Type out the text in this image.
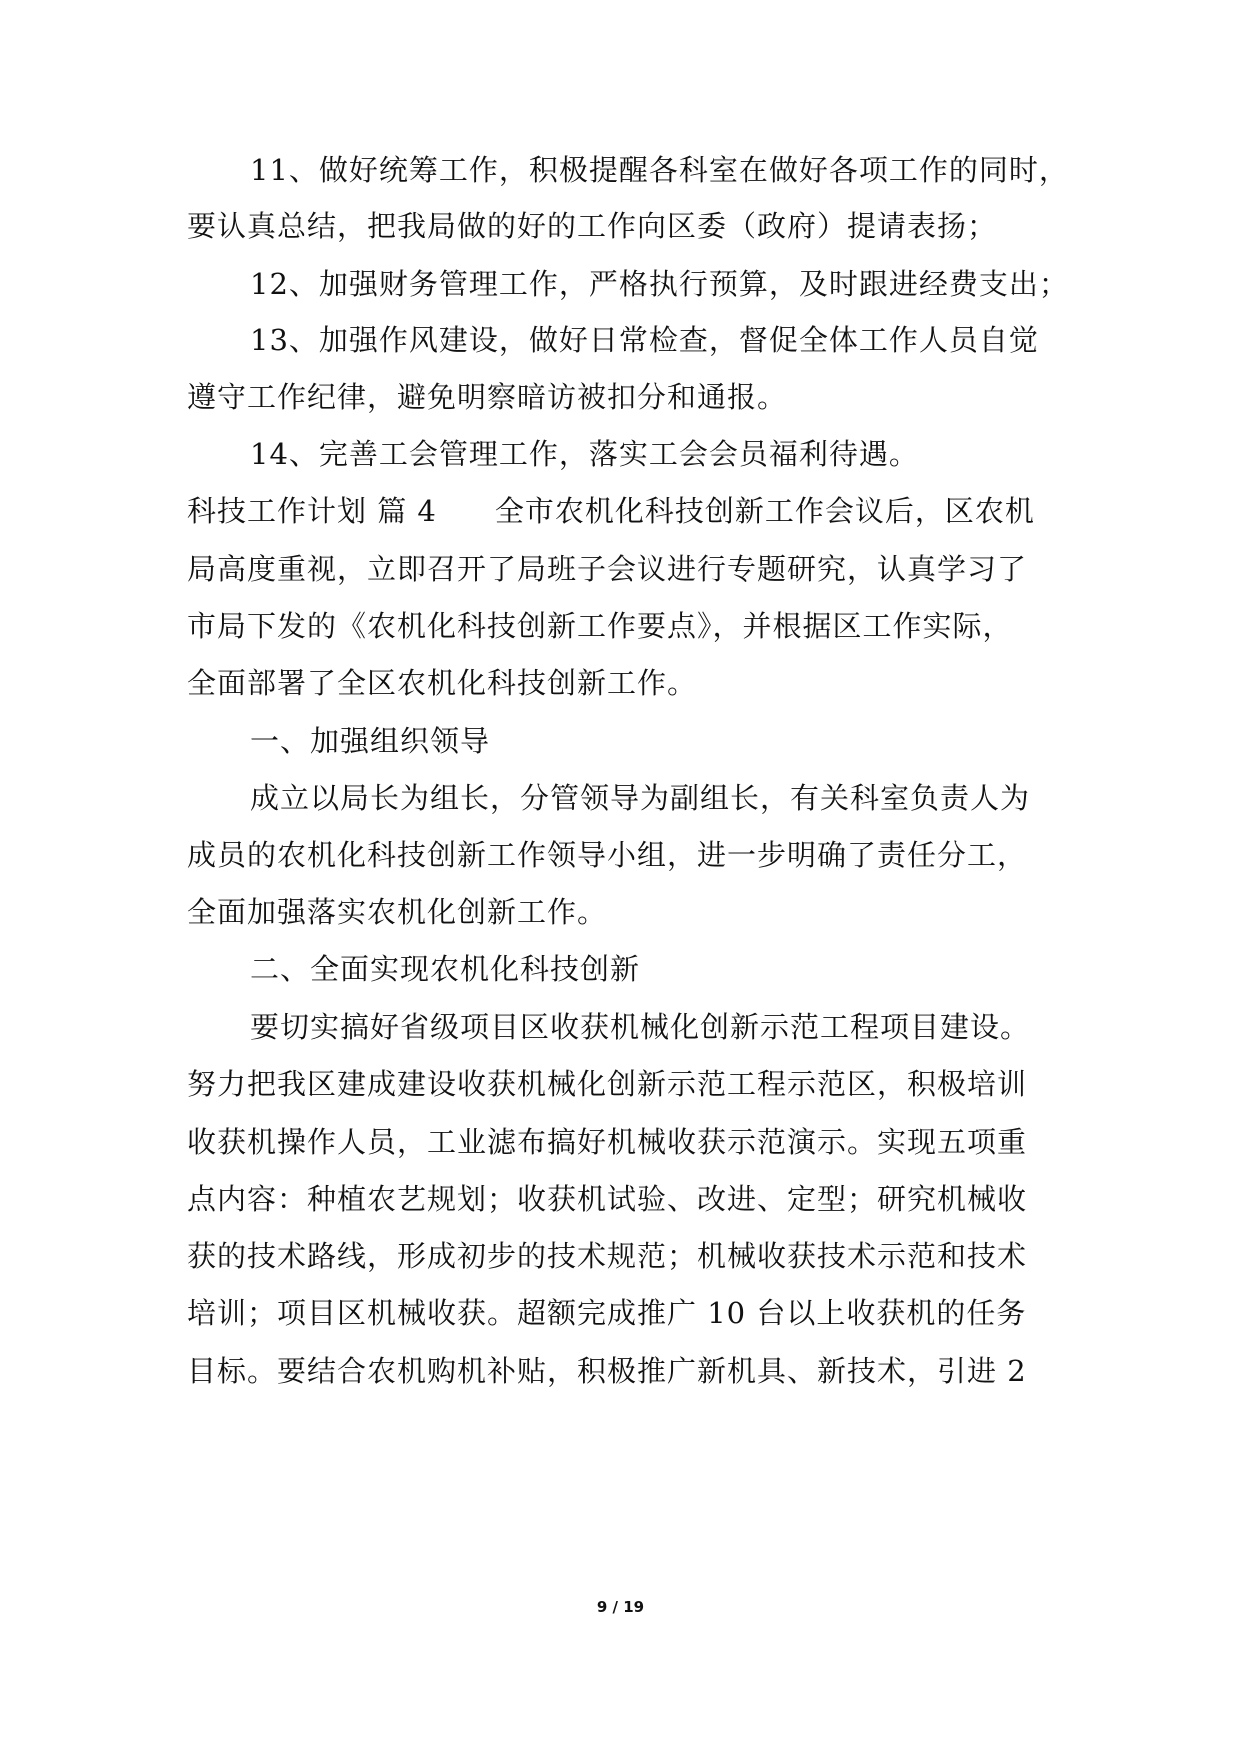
11、做好统筹工作，积极提醒各科室在做好各项工作的同时，
要认真总结，把我局做的好的工作向区委（政府）提请表扬；
12、加强财务管理工作，严格执行预算，及时跟进经费支出；
13、加强作风建设，做好日常检查，督促全体工作人员自觉
遵守工作纪律，避免明察暗访被扣分和通报。
14、完善工会管理工作，落实工会会员福利待遇。
科技工作计划 篇 4 全市农机化科技创新工作会议后，区农机
局高度重视，立即召开了局班子会议进行专题研究，认真学习了
市局下发的《农机化科技创新工作要点》，并根据区工作实际，
全面部署了全区农机化科技创新工作。
一、加强组织领导
成立以局长为组长，分管领导为副组长，有关科室负责人为
成员的农机化科技创新工作领导小组，进一步明确了责任分工，
全面加强落实农机化创新工作。
二、全面实现农机化科技创新
要切实搞好省级项目区收获机械化创新示范工程项目建设。
努力把我区建成建设收获机械化创新示范工程示范区，积极培训
收获机操作人员，工业滤布搞好机械收获示范演示。实现五项重
点内容：种植农艺规划；收获机试验、改进、定型；研究机械收
获的技术路线，形成初步的技术规范；机械收获技术示范和技术
培训；项目区机械收获。超额完成推广 10 台以上收获机的任务
目标。要结合农机购机补贴，积极推广新机具、新技术，引进 2
9 / 19
